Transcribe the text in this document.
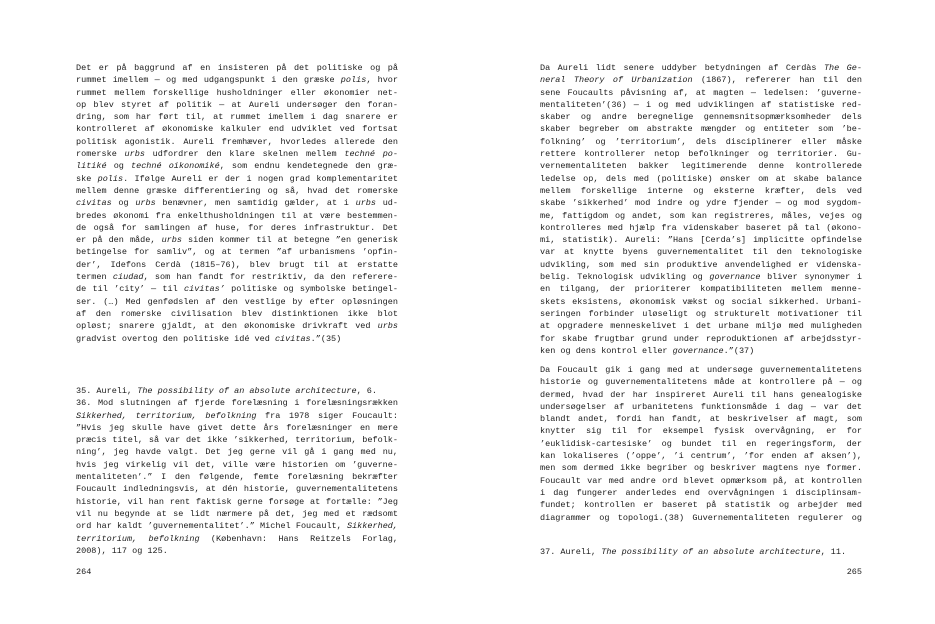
Det er på baggrund af en insisteren på det politiske og på
rummet imellem — og med udgangspunkt i den græske polis, hvor
rummet mellem forskellige husholdninger eller økonomier net-
op blev styret af politik — at Aureli undersøger den foran-
dring, som har ført til, at rummet imellem i dag snarere er
kontrolleret af økonomiske kalkuler end udviklet ved fortsat
politisk agonistik. Aureli fremhæver, hvorledes allerede den
romerske urbs udfordrer den klare skelnen mellem techné po-
litiké og techné oikonomiké, som endnu kendetegnede den græ-
ske polis. Ifølge Aureli er der i nogen grad komplementaritet
mellem denne græske differentiering og så, hvad det romerske
civitas og urbs benævner, men samtidig gælder, at i urbs ud-
bredes økonomi fra enkelthusholdningen til at være bestemmen-
de også for samlingen af huse, for deres infrastruktur. Det
er på den måde, urbs siden kommer til at betegne ”en generisk
betingelse for samliv”, og at termen ”af urbanismens ’opfin-
der’, Idefons Cerdà (1815–76), blev brugt til at erstatte
termen ciudad, som han fandt for restriktiv, da den referere-
de til ’city’ — til civitas’ politiske og symbolske betingel-
ser. (…) Med genfødslen af den vestlige by efter opløsningen
af den romerske civilisation blev distinktionen ikke blot
opløst; snarere gjaldt, at den økonomiske drivkraft ved urbs
gradvist overtog den politiske idé ved civitas.”(35)
35. Aureli, The possibility of an absolute architecture, 6.
36. Mod slutningen af fjerde forelæsning i forelæsningsrækken
Sikkerhed, territorium, befolkning fra 1978 siger Foucault:
”Hvis jeg skulle have givet dette års forelæsninger en mere
præcis titel, så var det ikke ’sikkerhed, territorium, befolk-
ning’, jeg havde valgt. Det jeg gerne vil gå i gang med nu,
hvis jeg virkelig vil det, ville være historien om ’guverne-
mentaliteten’.” I den følgende, femte forelæsning bekræfter
Foucault indledningsvis, at dén historie, guvernementalitetens
historie, vil han rent faktisk gerne forsøge at fortælle: ”Jeg
vil nu begynde at se lidt nærmere på det, jeg med et rædsomt
ord har kaldt ’guvernementalitet’.” Michel Foucault, Sikkerhed,
territorium, befolkning (København: Hans Reitzels Forlag,
2008), 117 og 125.
264
Da Aureli lidt senere uddyber betydningen af Cerdàs The Ge-
neral Theory of Urbanization (1867), refererer han til den
sene Foucaults påvisning af, at magten — ledelsen: ’guverne-
mentaliteten’(36) — i og med udviklingen af statistiske red-
skaber og andre beregnelige gennemsnitsopmærksomheder dels
skaber begreber om abstrakte mængder og entiteter som ’be-
folkning’ og ’territorium’, dels disciplinerer eller måske
rettere kontrollerer netop befolkninger og territorier. Gu-
vernementaliteten bakker legitimerende denne kontrollerede
ledelse op, dels med (politiske) ønsker om at skabe balance
mellem forskellige interne og eksterne kræfter, dels ved
skabe ’sikkerhed’ mod indre og ydre fjender — og mod sygdom-
me, fattigdom og andet, som kan registreres, måles, vejes og
kontrolleres med hjælp fra videnskaber baseret på tal (økono-
mi, statistik). Aureli: ”Hans [Cerda’s] implicitte opfindelse
var at knytte byens guvernementalitet til den teknologiske
udvikling, som med sin produktive anvendelighed er videnska-
belig. Teknologisk udvikling og governance bliver synonymer i
en tilgang, der prioriterer kompatibiliteten mellem menne-
skets eksistens, økonomisk vækst og social sikkerhed. Urbani-
seringen forbinder uløseligt og strukturelt motivationer til
at opgradere menneskelivet i det urbane miljø med muligheden
for skabe frugtbar grund under reproduktionen af arbejdsstyr-
ken og dens kontrol eller governance.”(37)
Da Foucault gik i gang med at undersøge guvernementalitetens
historie og guvernementalitetens måde at kontrollere på — og
dermed, hvad der har inspireret Aureli til hans genealogiske
undersøgelser af urbanitetens funktionsmåde i dag — var det
blandt andet, fordi han fandt, at beskrivelser af magt, som
knytter sig til for eksempel fysisk overvågning, er for
’euklidisk-cartesiske’ og bundet til en regeringsform, der
kan lokaliseres (’oppe’, ’i centrum’, ’for enden af aksen’),
men som dermed ikke begriber og beskriver magtens nye former.
Foucault var med andre ord blevet opmærksom på, at kontrollen
i dag fungerer anderledes end overvågningen i disciplinsam-
fundet; kontrollen er baseret på statistik og arbejder med
diagrammer og topologi.(38) Guvernementaliteten regulerer og
37. Aureli, The possibility of an absolute architecture, 11.
265
